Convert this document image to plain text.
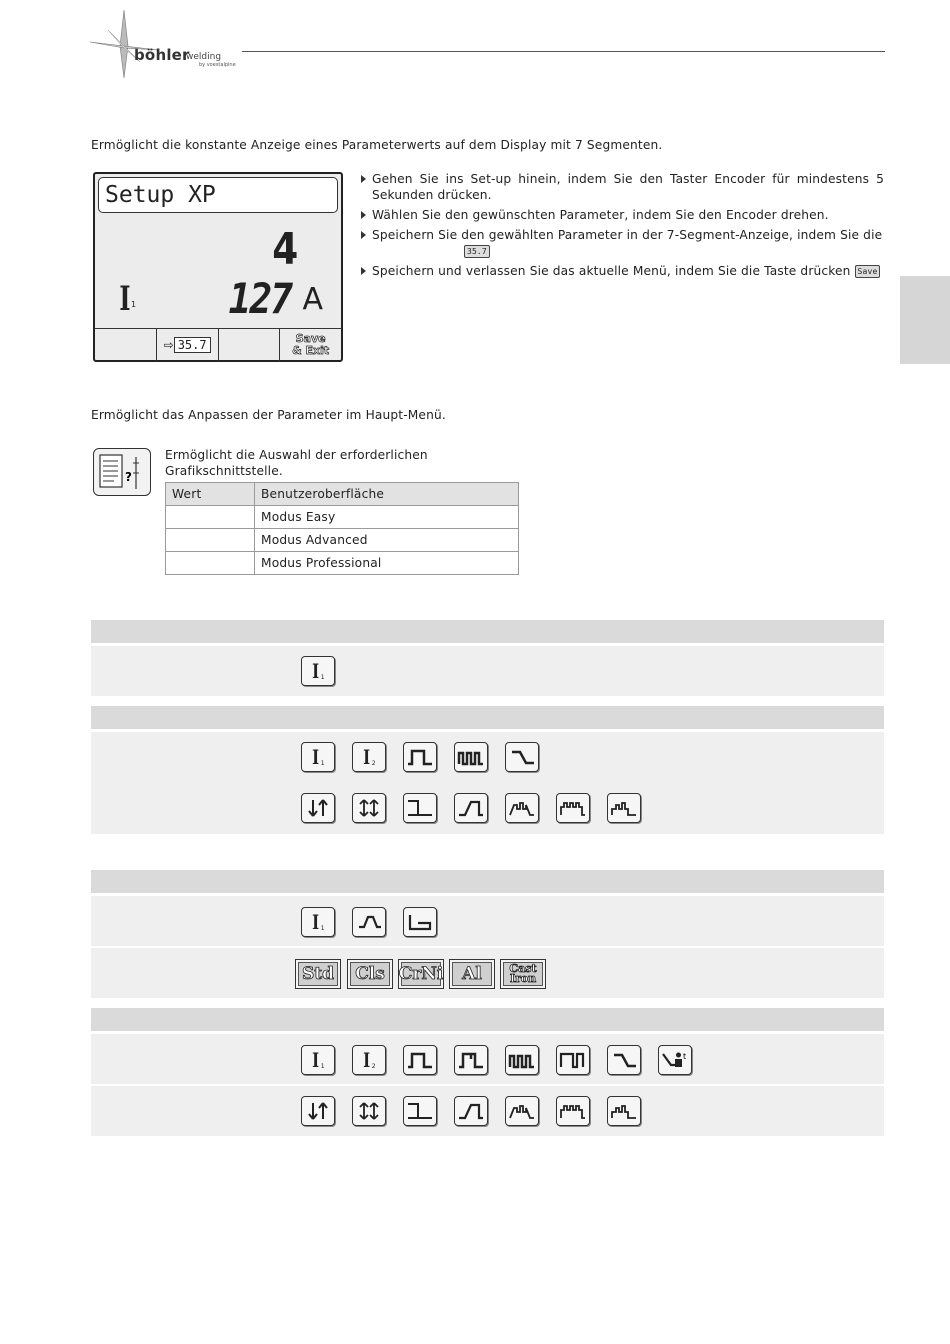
böhler
welding
by voestalpine
Ermöglicht die konstante Anzeige eines Parameterwerts auf dem Display mit 7 Segmenten.
Setup XP
4
I 1 127 A
⇨ 35.7	Save
& Exit
Gehen Sie ins Set-up hinein, indem Sie den Taster Encoder für mindestens 5 Sekunden drücken.
Wählen Sie den gewünschten Parameter, indem Sie den Encoder drehen.
Speichern Sie den gewählten Parameter in der 7-Segment-Anzeige, indem Sie die
35.7
Speichern und verlassen Sie das aktuelle Menü, indem Sie die Taste drücken Save
Ermöglicht das Anpassen der Parameter im Haupt-Menü.
?
Ermöglicht die Auswahl der erforderlichen Grafikschnittstelle.
Wert	Benutzeroberfläche
	Modus Easy
	Modus Advanced
	Modus Professional
I 1
I 1 I 2
I 1
Std	Cls CrNi	Al	Cast
Iron
I 1 I 2
t
